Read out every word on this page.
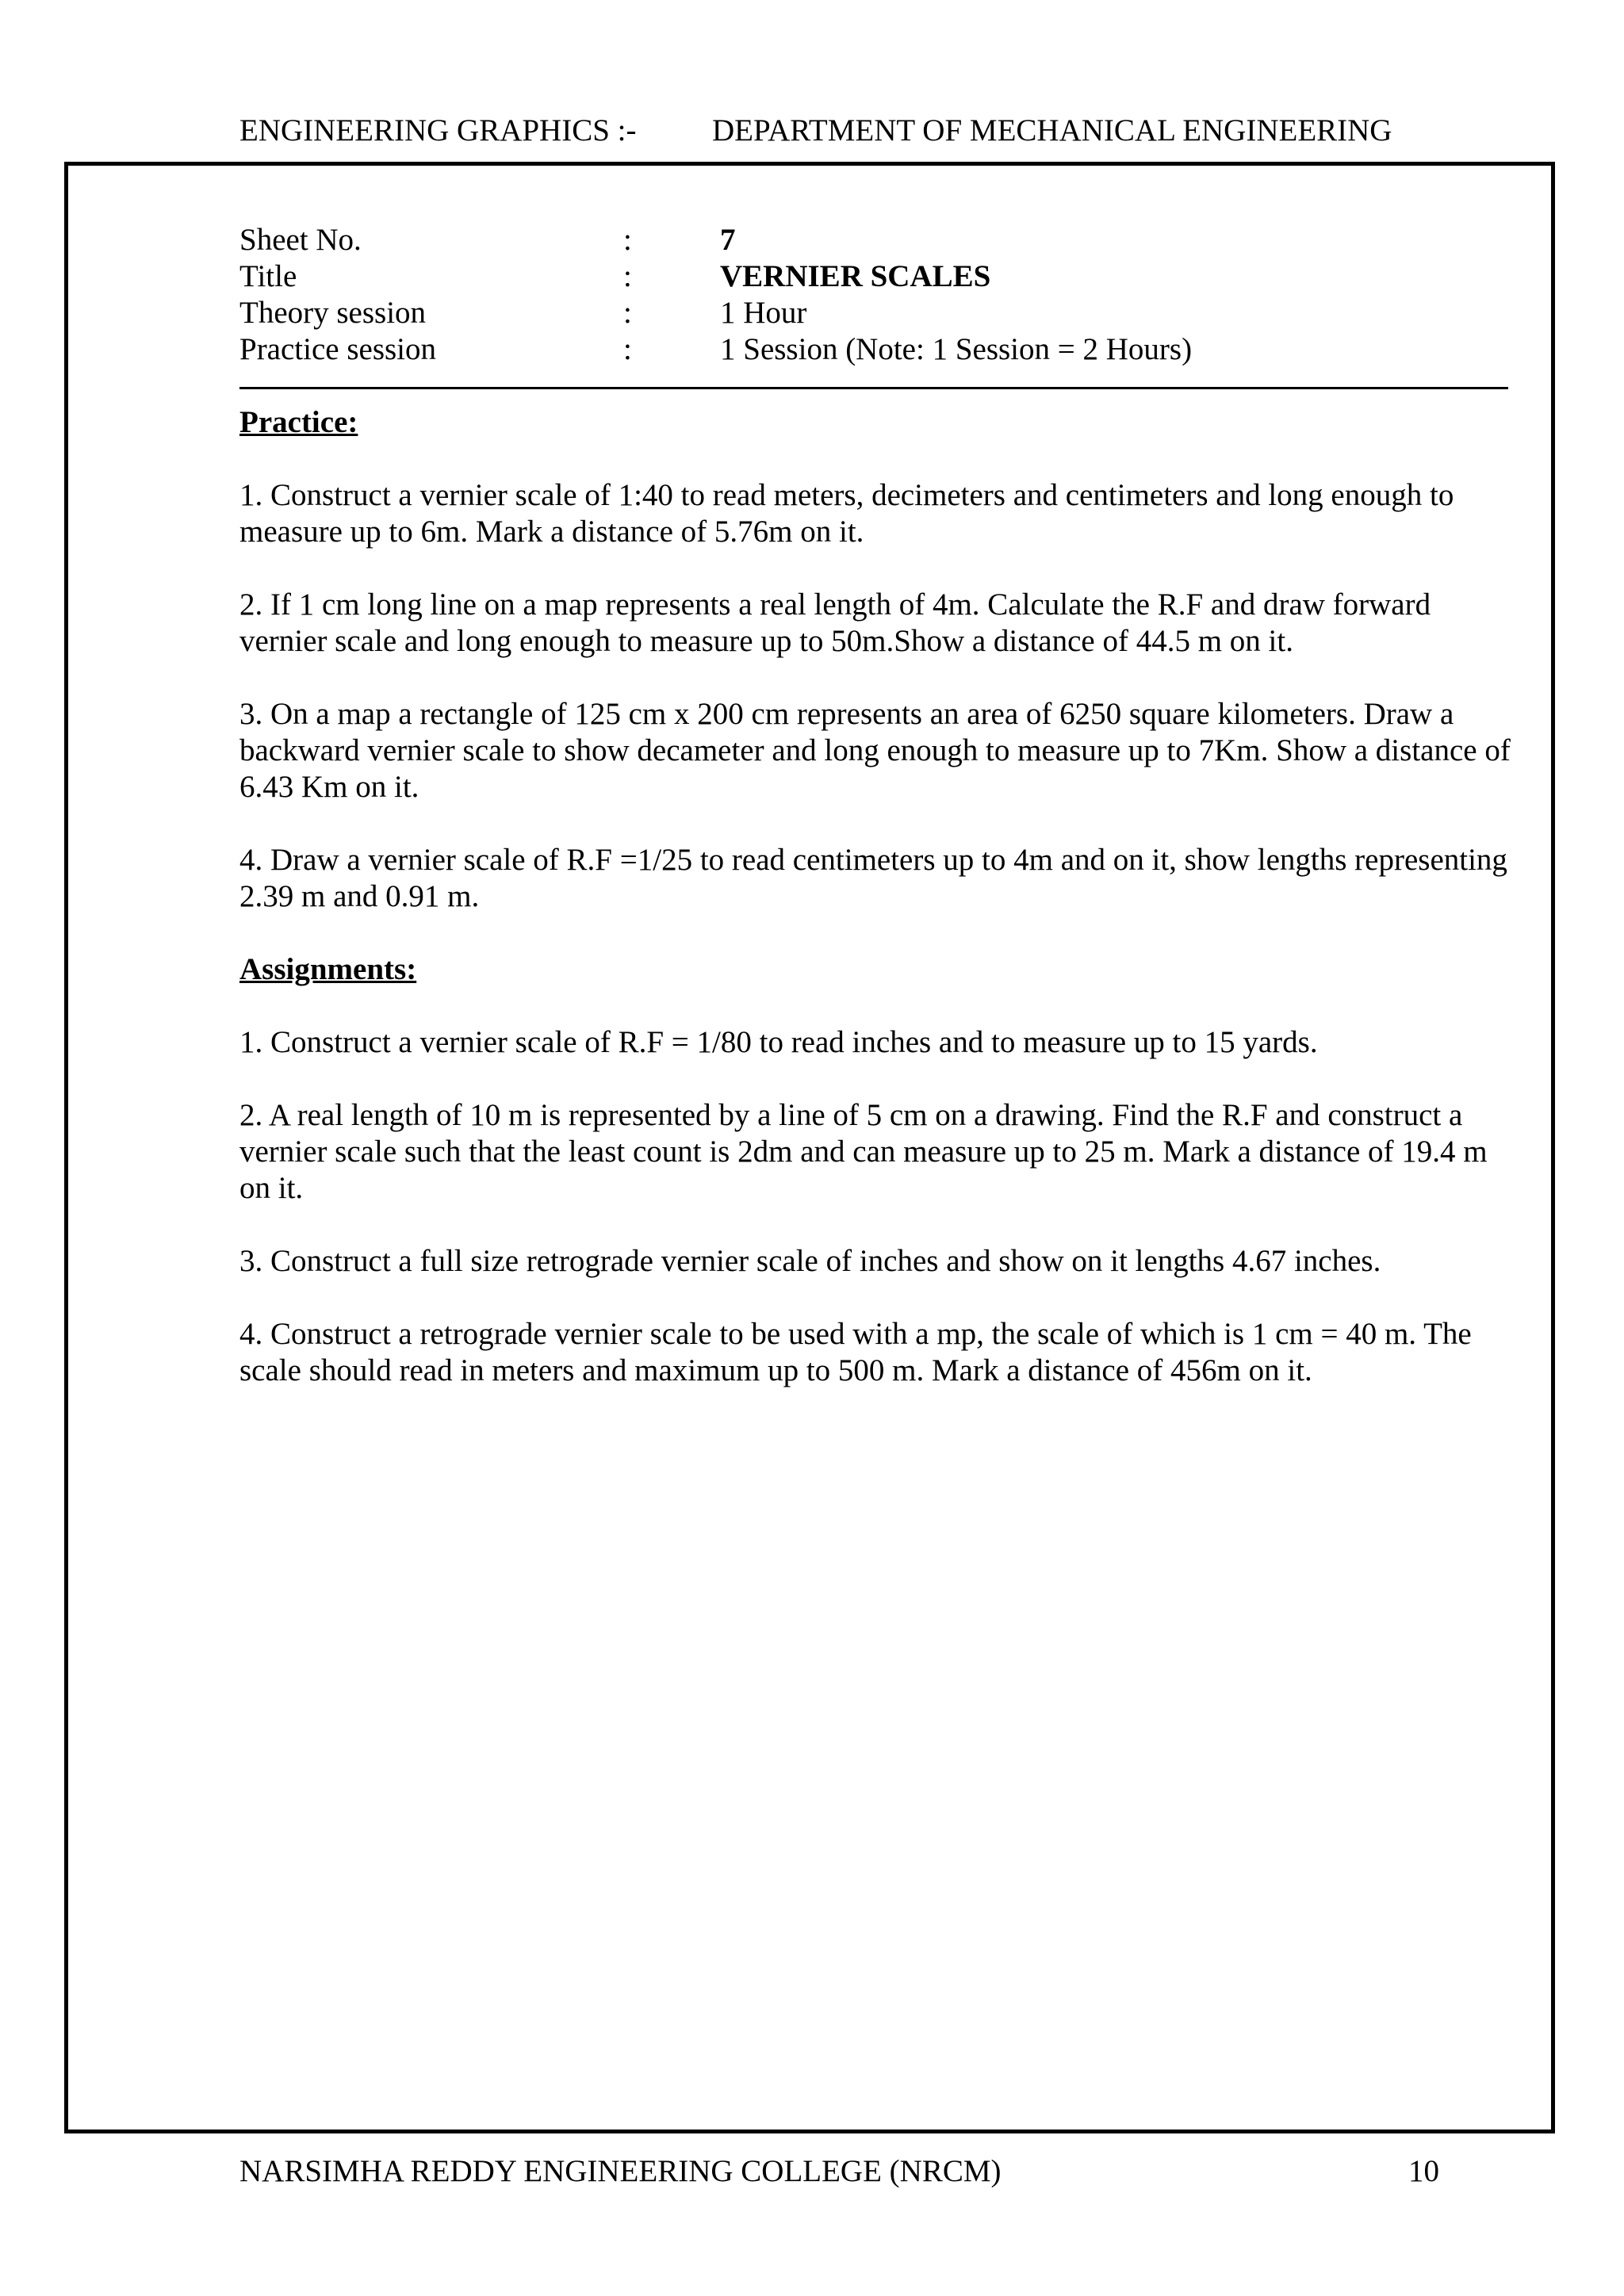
ENGINEERING GRAPHICS :- DEPARTMENT OF MECHANICAL ENGINEERING
Sheet No.	:	7
Title	:	VERNIER SCALES
Theory session	:	1 Hour
Practice session	:	1 Session (Note: 1 Session = 2 Hours)

Practice:

1. Construct a vernier scale of 1:40 to read meters, decimeters and centimeters and long enough to measure up to 6m. Mark a distance of 5.76m on it.

2. If 1 cm long line on a map represents a real length of 4m. Calculate the R.F and draw forward vernier scale and long enough to measure up to 50m.Show a distance of 44.5 m on it.

3. On a map a rectangle of 125 cm x 200 cm represents an area of 6250 square kilometers. Draw a backward vernier scale to show decameter and long enough to measure up to 7Km. Show a distance of 6.43 Km on it.

4. Draw a vernier scale of R.F =1/25 to read centimeters up to 4m and on it, show lengths representing 2.39 m and 0.91 m.

Assignments:

1. Construct a vernier scale of R.F = 1/80 to read inches and to measure up to 15 yards.

2. A real length of 10 m is represented by a line of 5 cm on a drawing. Find the R.F and construct a vernier scale such that the least count is 2dm and can measure up to 25 m. Mark a distance of 19.4 m on it.

3. Construct a full size retrograde vernier scale of inches and show on it lengths 4.67 inches.

4. Construct a retrograde vernier scale to be used with a mp, the scale of which is 1 cm = 40 m. The scale should read in meters and maximum up to 500 m. Mark a distance of 456m on it.

NARSIMHA REDDY ENGINEERING COLLEGE (NRCM)	10
